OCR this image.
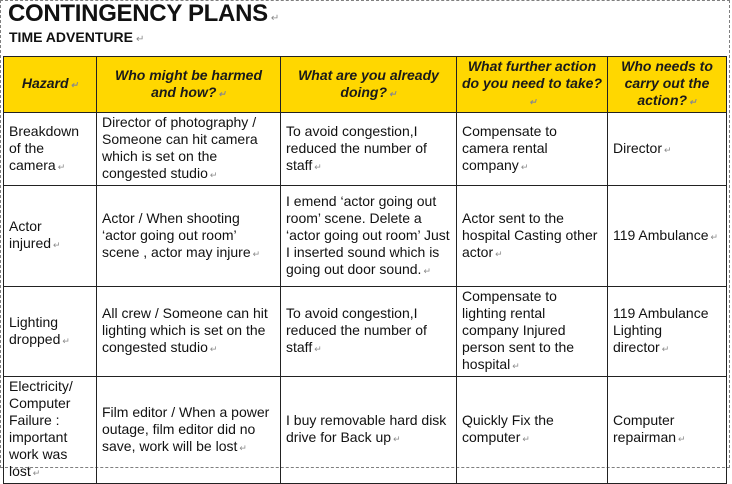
CONTINGENCY PLANS ↵
TIME ADVENTURE ↵
Hazard ↵	Who might be harmed and how? ↵	What are you already doing? ↵	What further action do you need to take?↵	Who needs to carry out the action? ↵
Breakdown of the camera ↵	Director of photography / Someone can hit camera which is set on the congested studio ↵	To avoid congestion,I reduced the number of staff ↵	Compensate to camera rental company ↵	Director ↵
Actor injured ↵	Actor / When shooting ‘actor going out room’ scene , actor may injure ↵	I emend ‘actor going out room’ scene. Delete a ‘actor going out room’ Just I inserted sound which is going out door sound. ↵	Actor sent to the hospital Casting other actor ↵	119 Ambulance ↵
Lighting dropped ↵	All crew / Someone can hit lighting which is set on the congested studio ↵	To avoid congestion,I reduced the number of staff ↵	Compensate to lighting rental company Injured person sent to the hospital ↵	119 Ambulance Lighting director ↵
Electricity/ Computer Failure : important work was lost ↵	Film editor / When a power outage, film editor did no save, work will be lost ↵	I buy removable hard disk drive for Back up ↵	Quickly Fix the computer ↵	Computer repairman ↵
